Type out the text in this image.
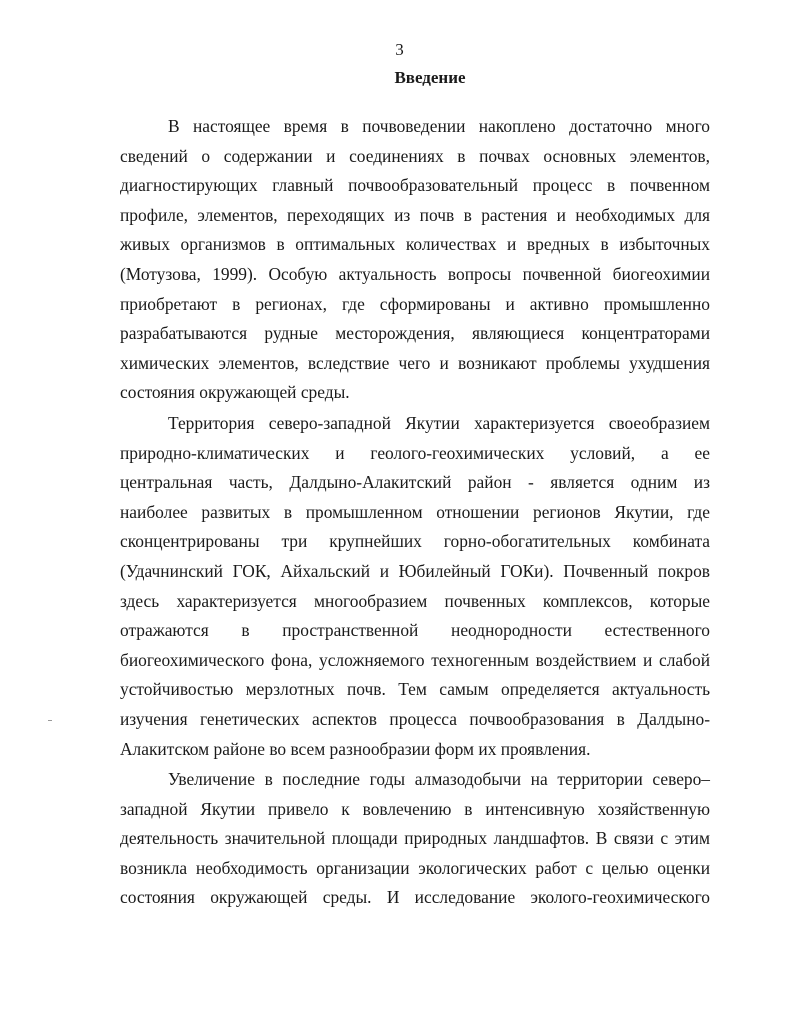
3
Введение
В настоящее время в почвоведении накоплено достаточно много
сведений о содержании и соединениях в почвах основных элементов,
диагностирующих главный почвообразовательный процесс в почвенном
профиле, элементов, переходящих из почв в растения и необходимых для
живых организмов в оптимальных количествах и вредных в избыточных
(Мотузова, 1999). Особую актуальность вопросы почвенной биогеохимии
приобретают в регионах, где сформированы и активно промышленно
разрабатываются рудные месторождения, являющиеся концентраторами
химических элементов, вследствие чего и возникают проблемы ухудшения
состояния окружающей среды.
Территория северо-западной Якутии характеризуется своеобразием
природно-климатических и геолого-геохимических условий, а ее
центральная часть, Далдыно-Алакитский район - является одним из
наиболее развитых в промышленном отношении регионов Якутии, где
сконцентрированы три крупнейших горно-обогатительных комбината
(Удачнинский ГОК, Айхальский и Юбилейный ГОКи). Почвенный покров
здесь характеризуется многообразием почвенных комплексов, которые
отражаются в пространственной неоднородности естественного
биогеохимического фона, усложняемого техногенным воздействием и слабой
устойчивостью мерзлотных почв. Тем самым определяется актуальность
изучения генетических аспектов процесса почвообразования в Далдыно-
Алакитском районе во всем разнообразии форм их проявления.
Увеличение в последние годы алмазодобычи на территории северо–
западной Якутии привело к вовлечению в интенсивную хозяйственную
деятельность значительной площади природных ландшафтов. В связи с этим
возникла необходимость организации экологических работ с целью оценки
состояния окружающей среды. И исследование эколого-геохимического
